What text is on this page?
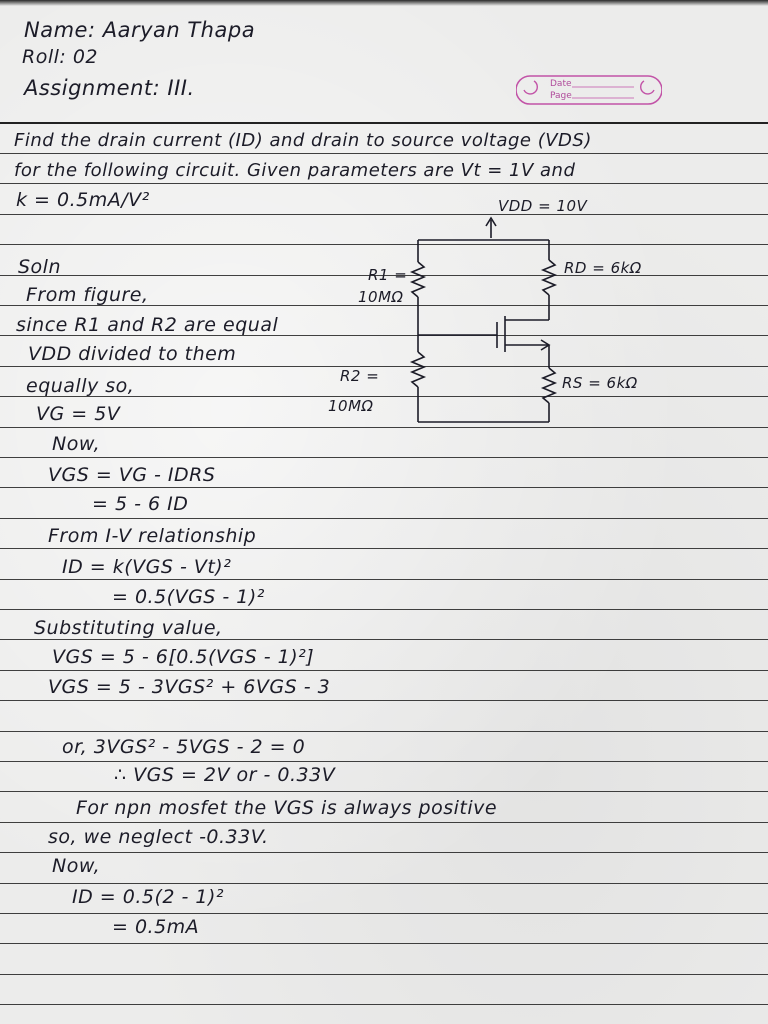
Name: Aaryan Thapa
Roll: 02
Assignment: III.	Date
Page
Find the drain current (ID) and drain to source voltage (VDS)
for the following circuit. Given parameters are Vt = 1V and
k = 0.5mA/V²	VDD = 10V
R1 =
10MΩ
RD = 6kΩ
R2 =
10MΩ
RS = 6kΩ
Soln
From figure,
since R1 and R2 are equal
VDD divided to them
equally so,
VG = 5V
Now,
VGS = VG - IDRS
= 5 - 6 ID
From I-V relationship
ID = k(VGS - Vt)²
= 0.5(VGS - 1)²
Substituting value,
VGS = 5 - 6[0.5(VGS - 1)²]
VGS = 5 - 3VGS² + 6VGS - 3
or, 3VGS² - 5VGS - 2 = 0
∴ VGS = 2V or - 0.33V
For npn mosfet the VGS is always positive
so, we neglect -0.33V.
Now,
ID = 0.5(2 - 1)²
= 0.5mA
